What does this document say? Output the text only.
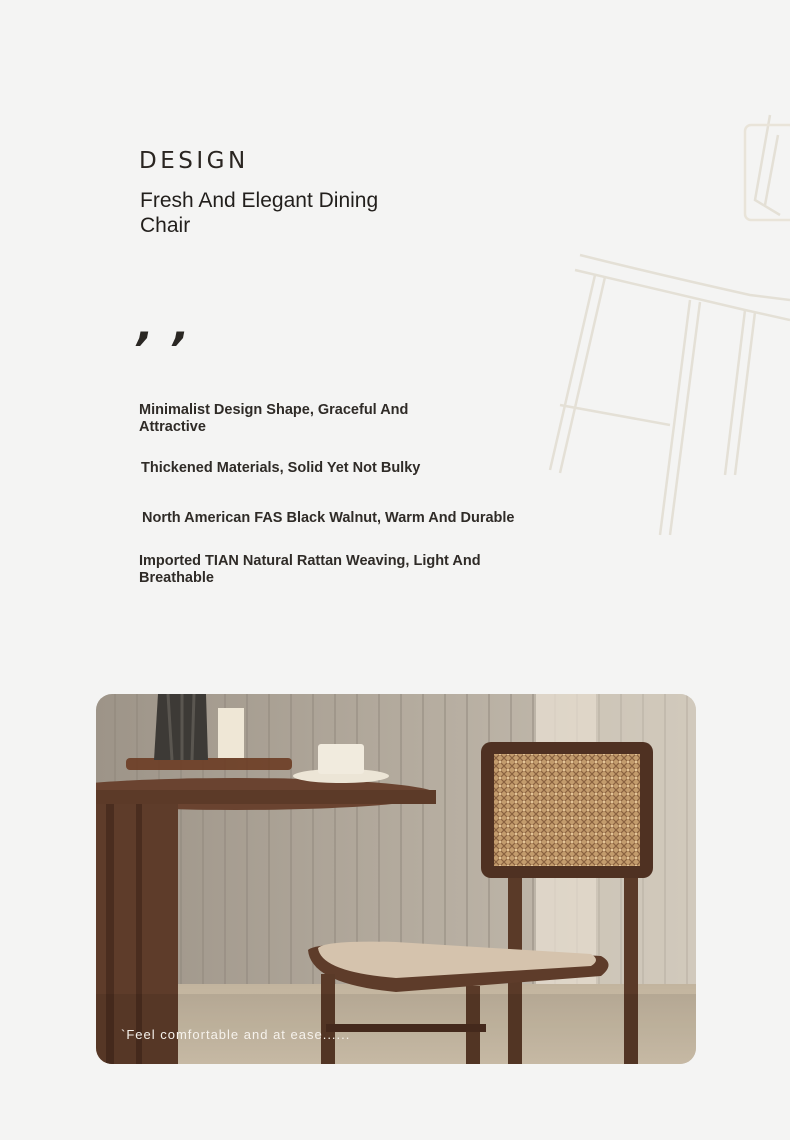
DESIGN
Fresh And Elegant Dining Chair
, ,
Minimalist Design Shape, Graceful And Attractive
Thickened Materials, Solid Yet Not Bulky
North American FAS Black Walnut, Warm And Durable
Imported TIAN Natural Rattan Weaving, Light And Breathable
`Feel comfortable and at ease......
